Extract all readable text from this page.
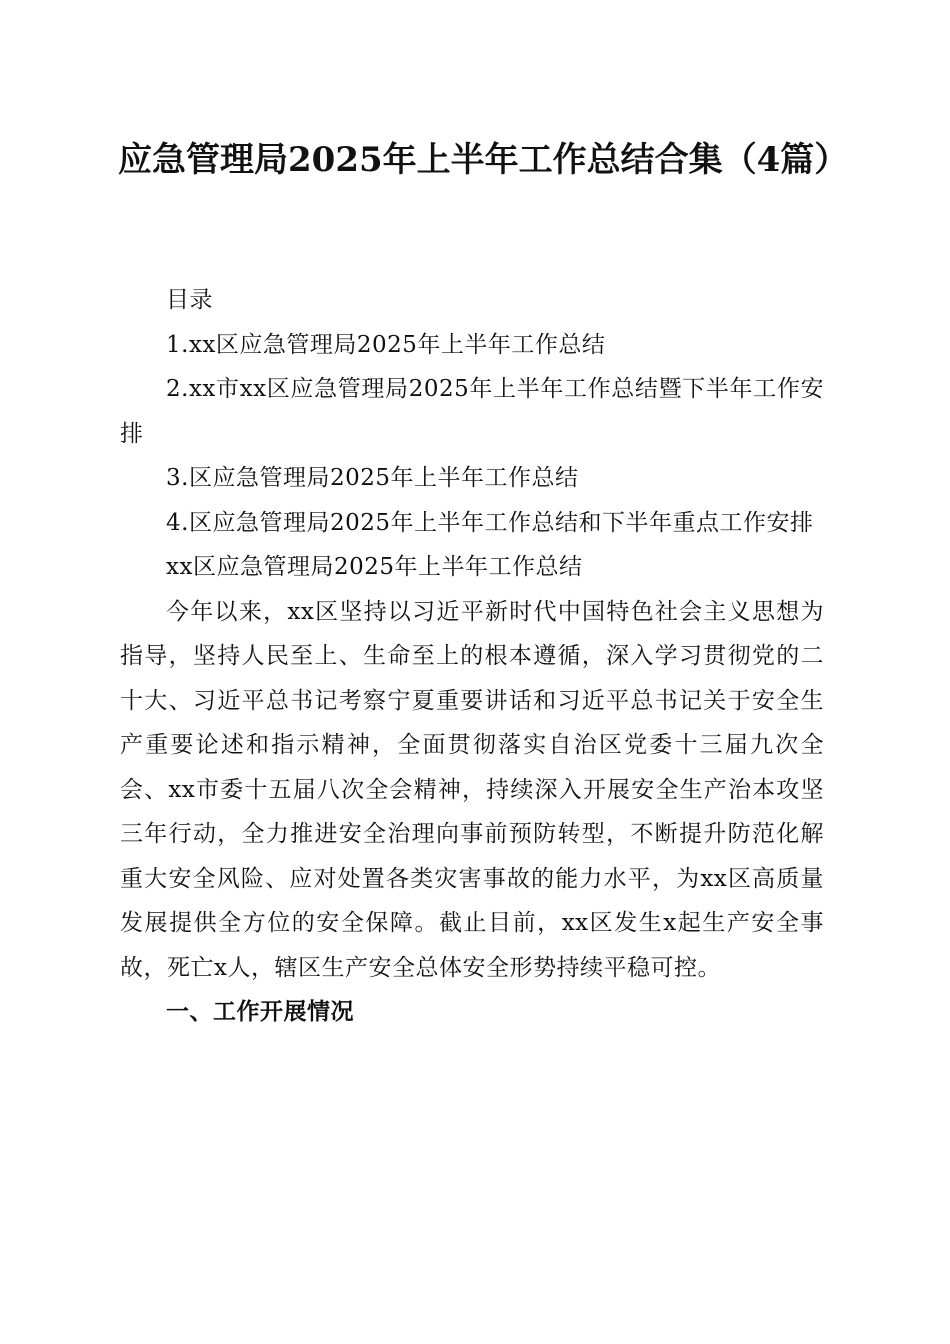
应急管理局2025年上半年工作总结合集（4篇）

目录

1.xx区应急管理局2025年上半年工作总结

2.xx市xx区应急管理局2025年上半年工作总结暨下半年工作安排

3.区应急管理局2025年上半年工作总结

4.区应急管理局2025年上半年工作总结和下半年重点工作安排

xx区应急管理局2025年上半年工作总结

今年以来，xx区坚持以习近平新时代中国特色社会主义思想为指导，坚持人民至上、生命至上的根本遵循，深入学习贯彻党的二十大、习近平总书记考察宁夏重要讲话和习近平总书记关于安全生产重要论述和指示精神，全面贯彻落实自治区党委十三届九次全会、xx市委十五届八次全会精神，持续深入开展安全生产治本攻坚三年行动，全力推进安全治理向事前预防转型，不断提升防范化解重大安全风险、应对处置各类灾害事故的能力水平，为xx区高质量发展提供全方位的安全保障。截止目前，xx区发生x起生产安全事故，死亡x人，辖区生产安全总体安全形势持续平稳可控。

一、工作开展情况
